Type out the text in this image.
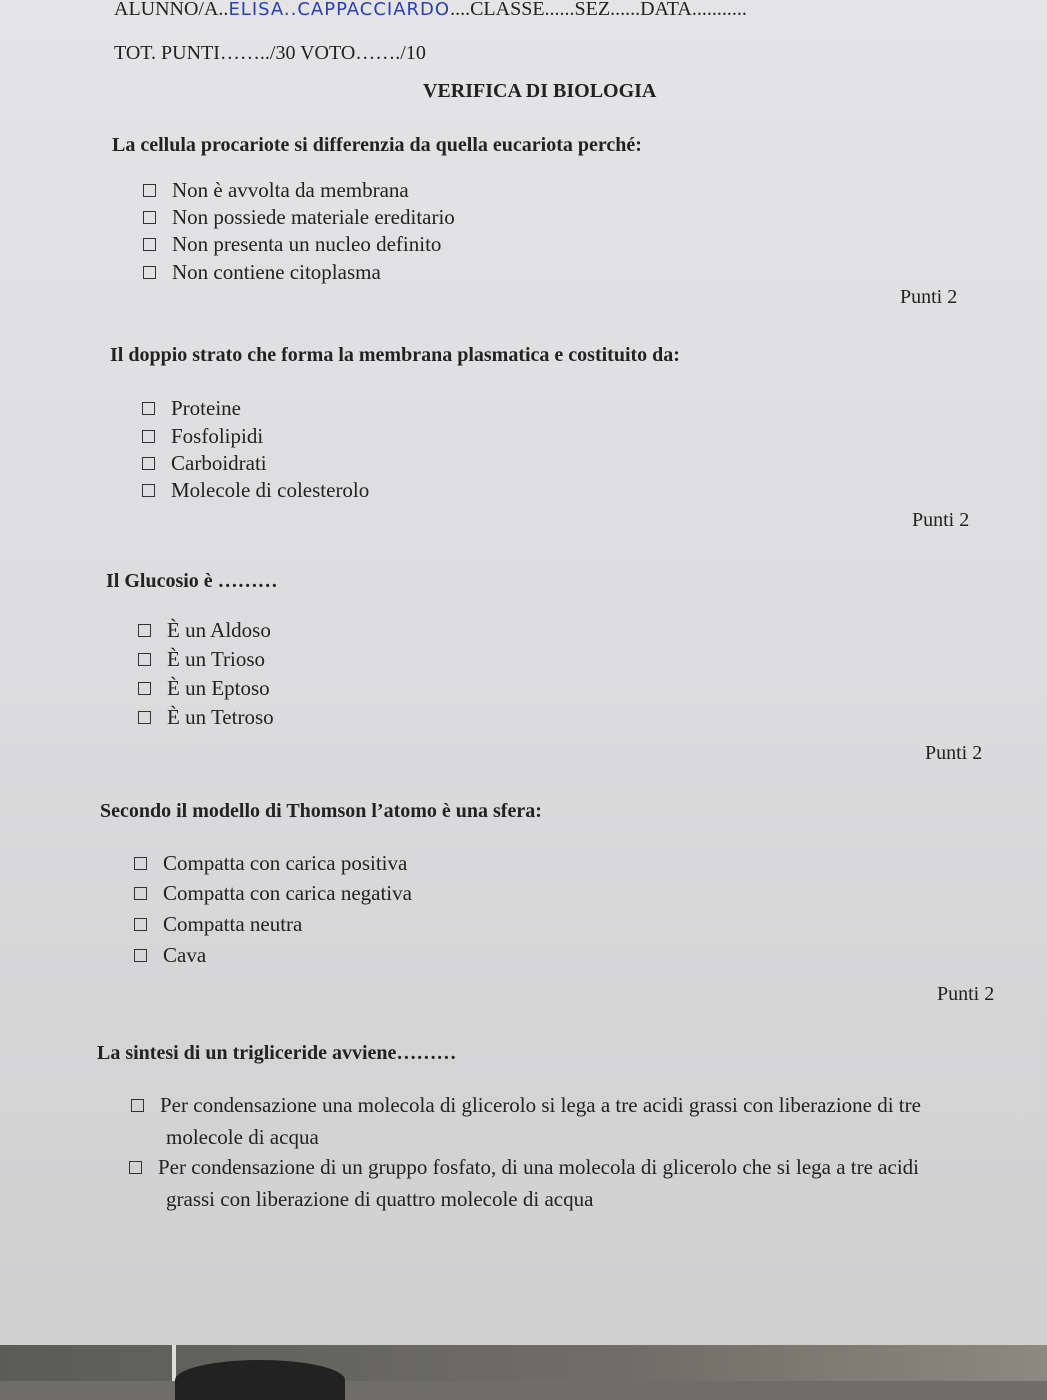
ALUNNO/A..ELISA..CAPPACCIARDO....CLASSE......SEZ......DATA...........
TOT. PUNTI……../30 VOTO……./10
VERIFICA DI BIOLOGIA
La cellula procariote si differenzia da quella eucariota perché:
Non è avvolta da membrana
Non possiede materiale ereditario
Non presenta un nucleo definito
Non contiene citoplasma
Punti 2
Il doppio strato che forma la membrana plasmatica e costituito da:
Proteine
Fosfolipidi
Carboidrati
Molecole di colesterolo
Punti 2
Il Glucosio è ………
È un Aldoso
È un Trioso
È un Eptoso
È un Tetroso
Punti 2
Secondo il modello di Thomson l’atomo è una sfera:
Compatta con carica positiva
Compatta con carica negativa
Compatta neutra
Cava
Punti 2
La sintesi di un trigliceride avviene………
Per condensazione una molecola di glicerolo si lega a tre acidi grassi con liberazione di tre
molecole di acqua
Per condensazione di un gruppo fosfato, di una molecola di glicerolo che si lega a tre acidi
grassi con liberazione di quattro molecole di acqua
